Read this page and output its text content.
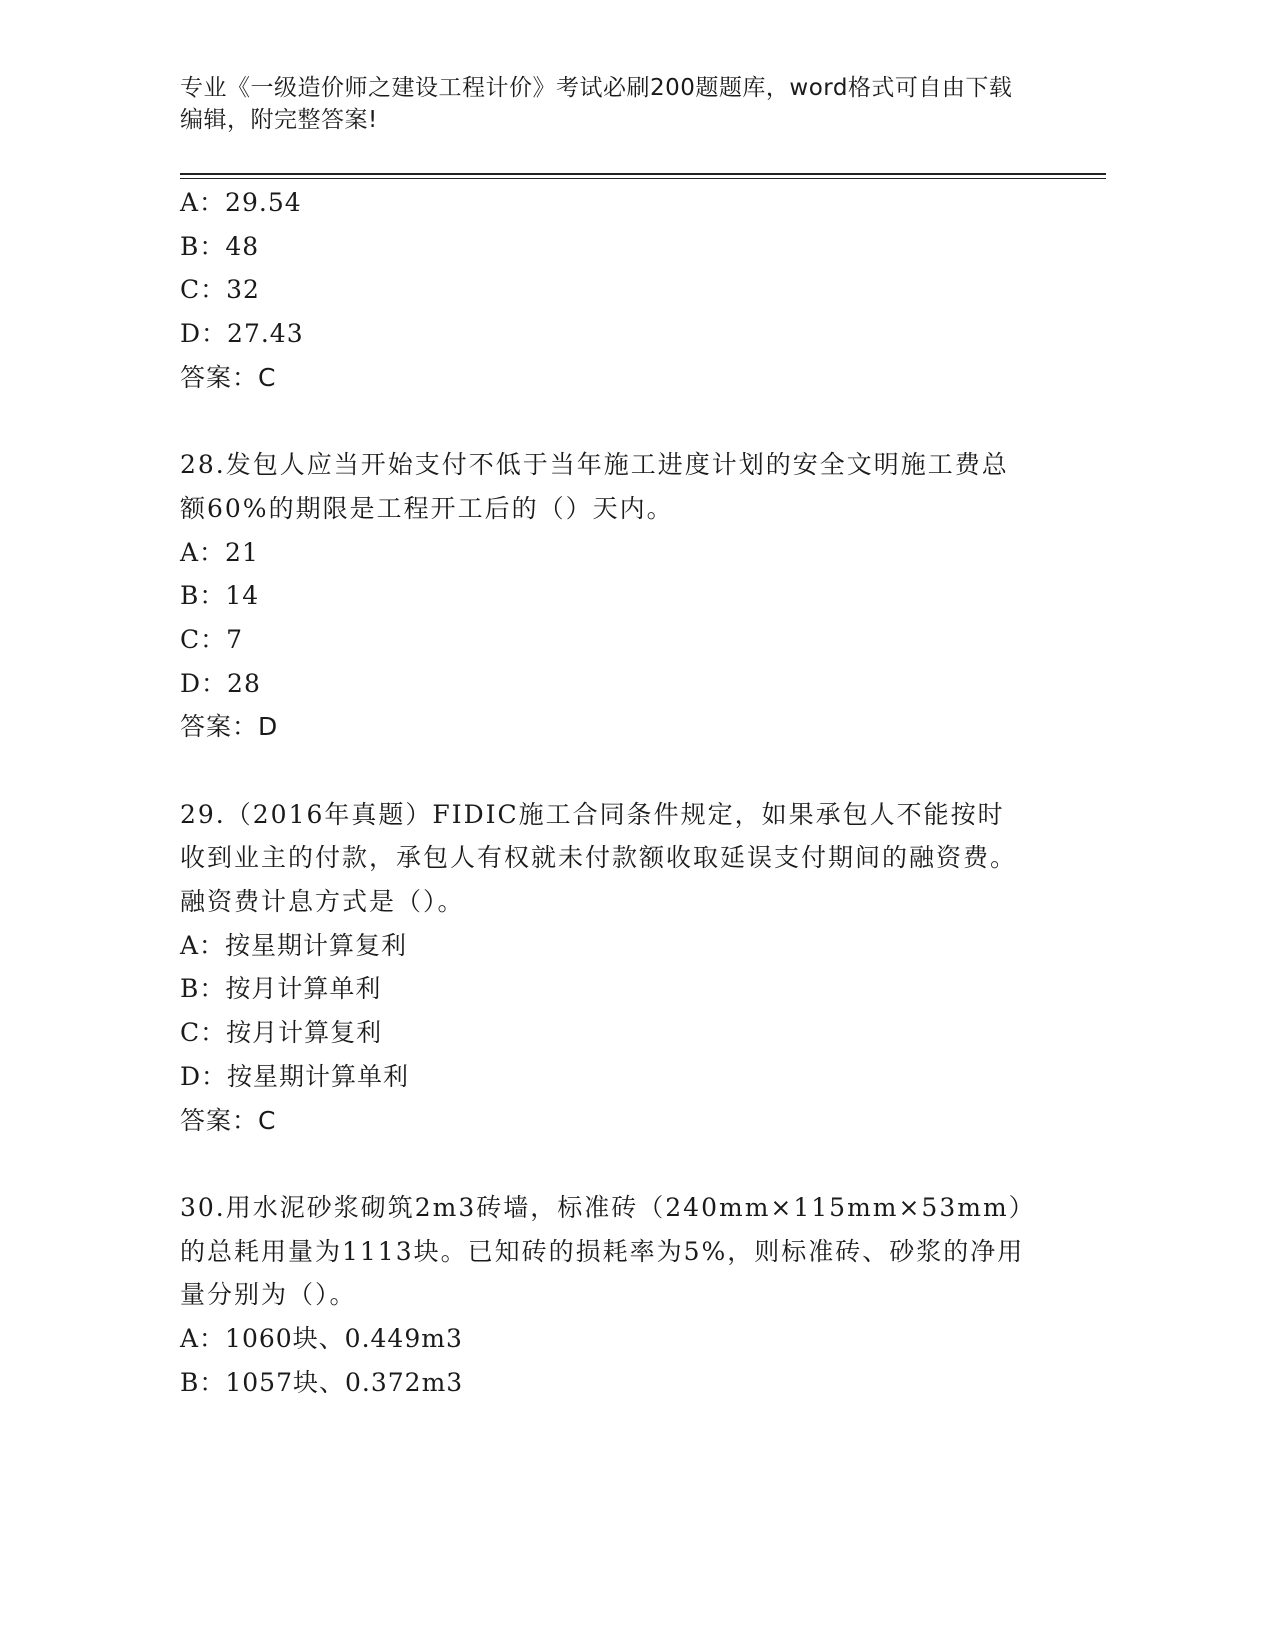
专业《一级造价师之建设工程计价》考试必刷200题题库，word格式可自由下载
编辑，附完整答案!
A：29.54
B：48
C：32
D：27.43
答案：C
28.发包人应当开始支付不低于当年施工进度计划的安全文明施工费总额60%的期限是工程开工后的（）天内。
A：21
B：14
C：7
D：28
答案：D
29.（2016年真题）FIDIC施工合同条件规定，如果承包人不能按时收到业主的付款，承包人有权就未付款额收取延误支付期间的融资费。融资费计息方式是（）。
A：按星期计算复利
B：按月计算单利
C：按月计算复利
D：按星期计算单利
答案：C
30.用水泥砂浆砌筑2m3砖墙，标准砖（240mm×115mm×53mm）的总耗用量为1113块。已知砖的损耗率为5%，则标准砖、砂浆的净用量分别为（）。
A：1060块、0.449m3
B：1057块、0.372m3
